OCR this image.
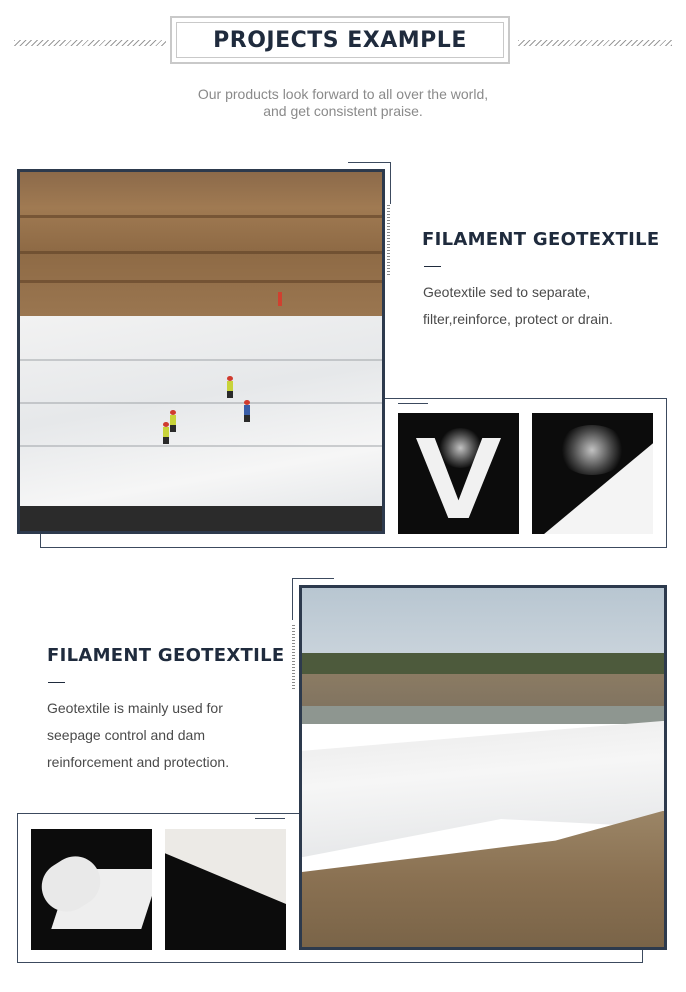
PROJECTS EXAMPLE
Our products look forward to all over the world,
and get consistent praise.
FILAMENT GEOTEXTILE
Geotextile sed to separate,
filter,reinforce, protect or drain.
FILAMENT GEOTEXTILE
Geotextile is mainly used for
seepage control and dam
reinforcement and protection.
